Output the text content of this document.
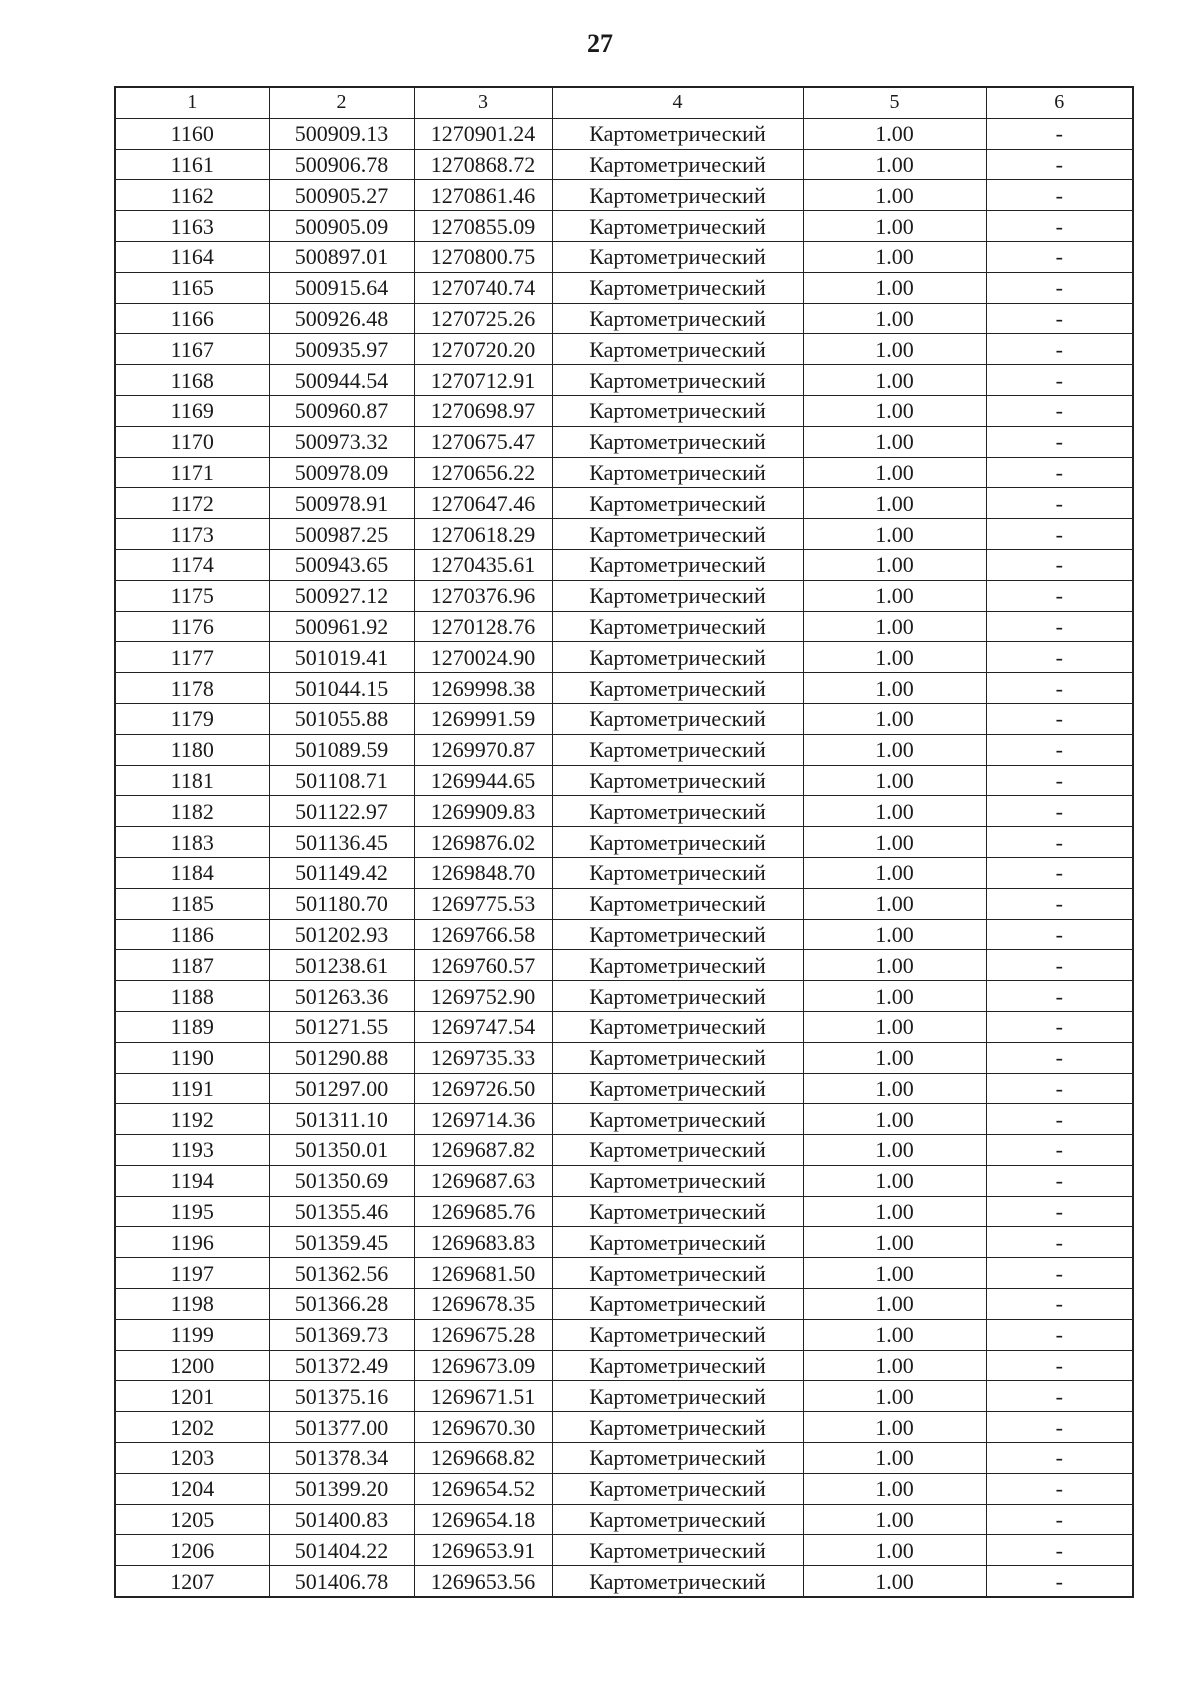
27
1	2	3	4	5	6
1160	500909.13	1270901.24	Картометрический	1.00	-
1161	500906.78	1270868.72	Картометрический	1.00	-
1162	500905.27	1270861.46	Картометрический	1.00	-
1163	500905.09	1270855.09	Картометрический	1.00	-
1164	500897.01	1270800.75	Картометрический	1.00	-
1165	500915.64	1270740.74	Картометрический	1.00	-
1166	500926.48	1270725.26	Картометрический	1.00	-
1167	500935.97	1270720.20	Картометрический	1.00	-
1168	500944.54	1270712.91	Картометрический	1.00	-
1169	500960.87	1270698.97	Картометрический	1.00	-
1170	500973.32	1270675.47	Картометрический	1.00	-
1171	500978.09	1270656.22	Картометрический	1.00	-
1172	500978.91	1270647.46	Картометрический	1.00	-
1173	500987.25	1270618.29	Картометрический	1.00	-
1174	500943.65	1270435.61	Картометрический	1.00	-
1175	500927.12	1270376.96	Картометрический	1.00	-
1176	500961.92	1270128.76	Картометрический	1.00	-
1177	501019.41	1270024.90	Картометрический	1.00	-
1178	501044.15	1269998.38	Картометрический	1.00	-
1179	501055.88	1269991.59	Картометрический	1.00	-
1180	501089.59	1269970.87	Картометрический	1.00	-
1181	501108.71	1269944.65	Картометрический	1.00	-
1182	501122.97	1269909.83	Картометрический	1.00	-
1183	501136.45	1269876.02	Картометрический	1.00	-
1184	501149.42	1269848.70	Картометрический	1.00	-
1185	501180.70	1269775.53	Картометрический	1.00	-
1186	501202.93	1269766.58	Картометрический	1.00	-
1187	501238.61	1269760.57	Картометрический	1.00	-
1188	501263.36	1269752.90	Картометрический	1.00	-
1189	501271.55	1269747.54	Картометрический	1.00	-
1190	501290.88	1269735.33	Картометрический	1.00	-
1191	501297.00	1269726.50	Картометрический	1.00	-
1192	501311.10	1269714.36	Картометрический	1.00	-
1193	501350.01	1269687.82	Картометрический	1.00	-
1194	501350.69	1269687.63	Картометрический	1.00	-
1195	501355.46	1269685.76	Картометрический	1.00	-
1196	501359.45	1269683.83	Картометрический	1.00	-
1197	501362.56	1269681.50	Картометрический	1.00	-
1198	501366.28	1269678.35	Картометрический	1.00	-
1199	501369.73	1269675.28	Картометрический	1.00	-
1200	501372.49	1269673.09	Картометрический	1.00	-
1201	501375.16	1269671.51	Картометрический	1.00	-
1202	501377.00	1269670.30	Картометрический	1.00	-
1203	501378.34	1269668.82	Картометрический	1.00	-
1204	501399.20	1269654.52	Картометрический	1.00	-
1205	501400.83	1269654.18	Картометрический	1.00	-
1206	501404.22	1269653.91	Картометрический	1.00	-
1207	501406.78	1269653.56	Картометрический	1.00	-
